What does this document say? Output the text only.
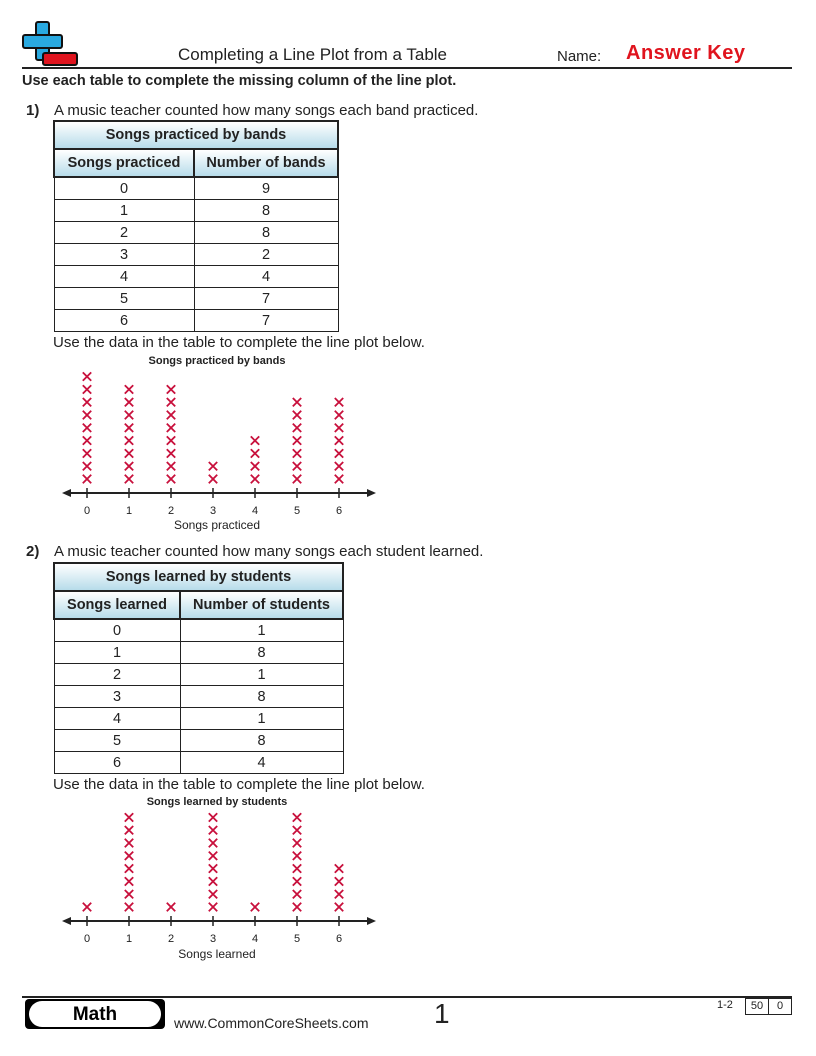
Completing a Line Plot from a Table	Name: Answer Key
Use each table to complete the missing column of the line plot.
1) A music teacher counted how many songs each band practiced.
Songs practiced by bands	
Songs practiced	Number of bands
0	9
1	8
2	8
3	2
4	4
5	7
6	7
Use the data in the table to complete the line plot below.
Songs practiced by bands
0	1	2	3	4	5	6
Songs practiced
2) A music teacher counted how many songs each student learned.
Songs learned by students	
Songs learned	Number of students
0	1
1	8
2	1
3	8
4	1
5	8
6	4
Use the data in the table to complete the line plot below.
Songs learned by students
0	1	2	3	4	5	6
Songs learned
Math	www.CommonCoreSheets.com 1	1-2	50	0
